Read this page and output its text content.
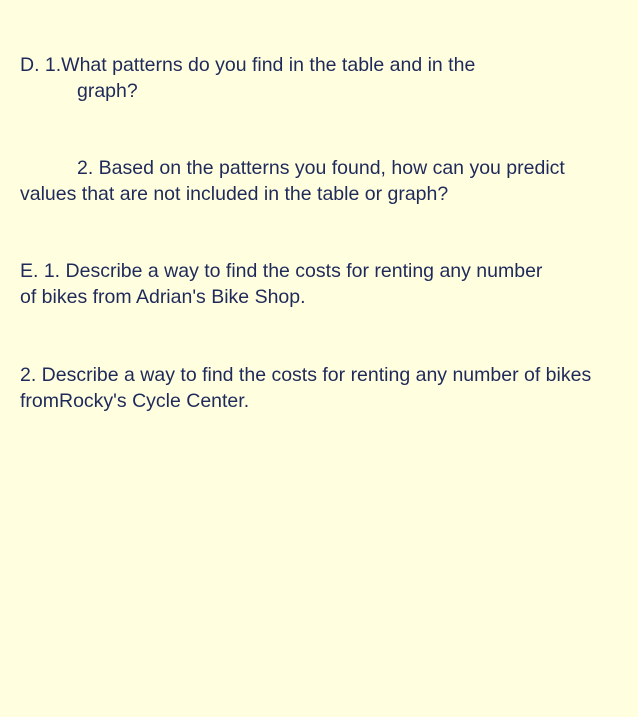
D. 1.What patterns do you find in the table and in the
graph?
2. Based on the patterns you found, how can you predict
values that are not included in the table or graph?
E. 1. Describe a way to find the costs for renting any number
of bikes from Adrian's Bike Shop.
2. Describe a way to find the costs for renting any number of bikes
fromRocky's Cycle Center.
